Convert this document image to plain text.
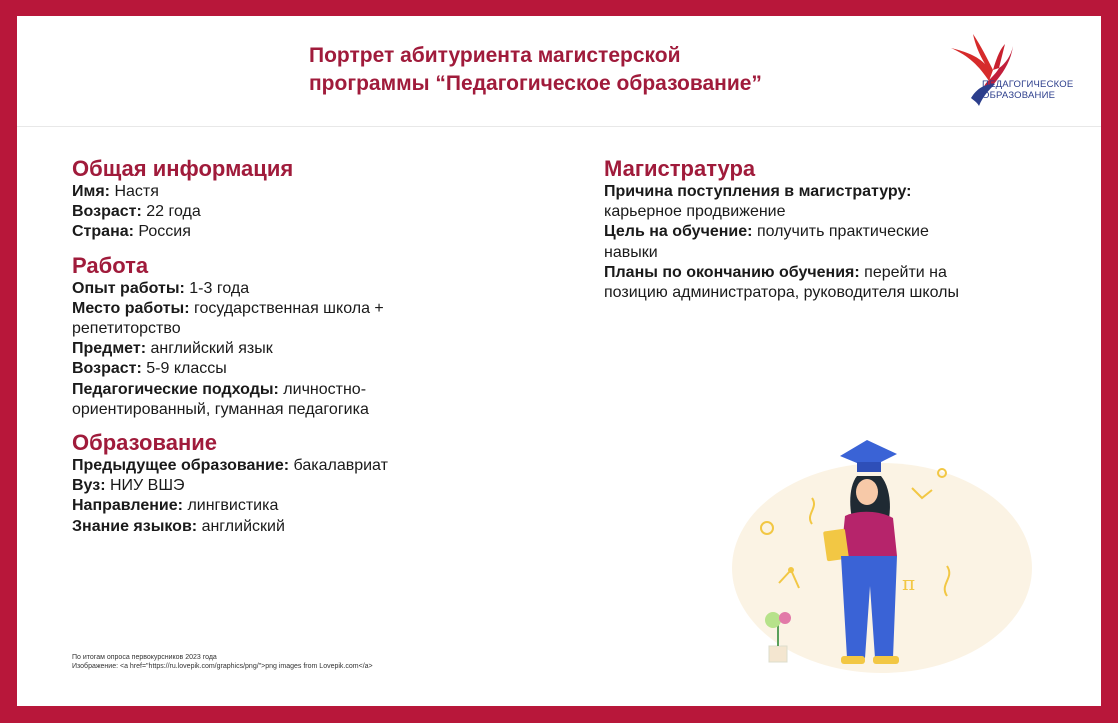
Портрет абитуриента магистерской
программы “Педагогическое образование”	ПЕДАГОГИЧЕСКОЕ
ОБРАЗОВАНИЕ

Общая информация

Имя: Настя

Возраст: 22 года

Страна: Россия

Работа

Опыт работы: 1-3 года

Место работы: государственная школа + репетиторство

Предмет: английский язык

Возраст: 5-9 классы

Педагогические подходы: личностно-ориентированный, гуманная педагогика

Образование

Предыдущее образование: бакалавриат

Вуз: НИУ ВШЭ

Направление: лингвистика

Знание языков: английский

Магистратура

Причина поступления в магистратуру: карьерное продвижение

Цель на обучение: получить практические навыки

Планы по окончанию обучения: перейти на позицию администратора, руководителя школы

π
По итогам опроса первокурсников 2023 года
Изображение: <a href="https://ru.lovepik.com/graphics/png/">png images from Lovepik.com</a>
